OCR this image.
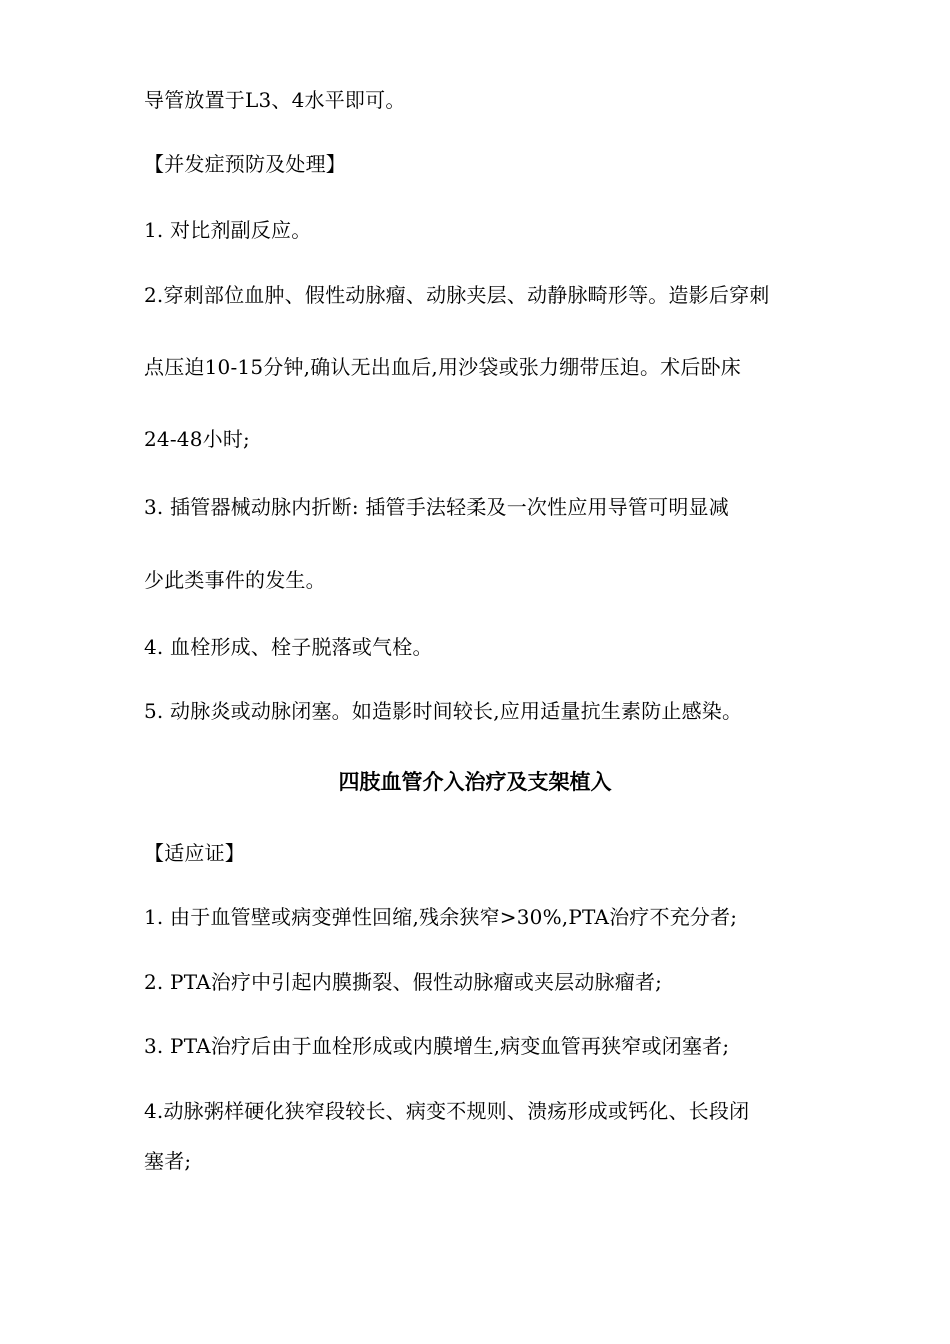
导管放置于L3、4水平即可。
【并发症预防及处理】
1. 对比剂副反应。
2.穿刺部位血肿、假性动脉瘤、动脉夹层、动静脉畸形等。造影后穿刺
点压迫10-15分钟,确认无出血后,用沙袋或张力绷带压迫。术后卧床
24-48小时;
3. 插管器械动脉内折断: 插管手法轻柔及一次性应用导管可明显减
少此类事件的发生。
4. 血栓形成、栓子脱落或气栓。
5. 动脉炎或动脉闭塞。如造影时间较长,应用适量抗生素防止感染。
四肢血管介入治疗及支架植入
【适应证】
1. 由于血管壁或病变弹性回缩,残余狭窄>30%,PTA治疗不充分者;
2. PTA治疗中引起内膜撕裂、假性动脉瘤或夹层动脉瘤者;
3. PTA治疗后由于血栓形成或内膜增生,病变血管再狭窄或闭塞者;
4.动脉粥样硬化狭窄段较长、病变不规则、溃疡形成或钙化、长段闭
塞者;
